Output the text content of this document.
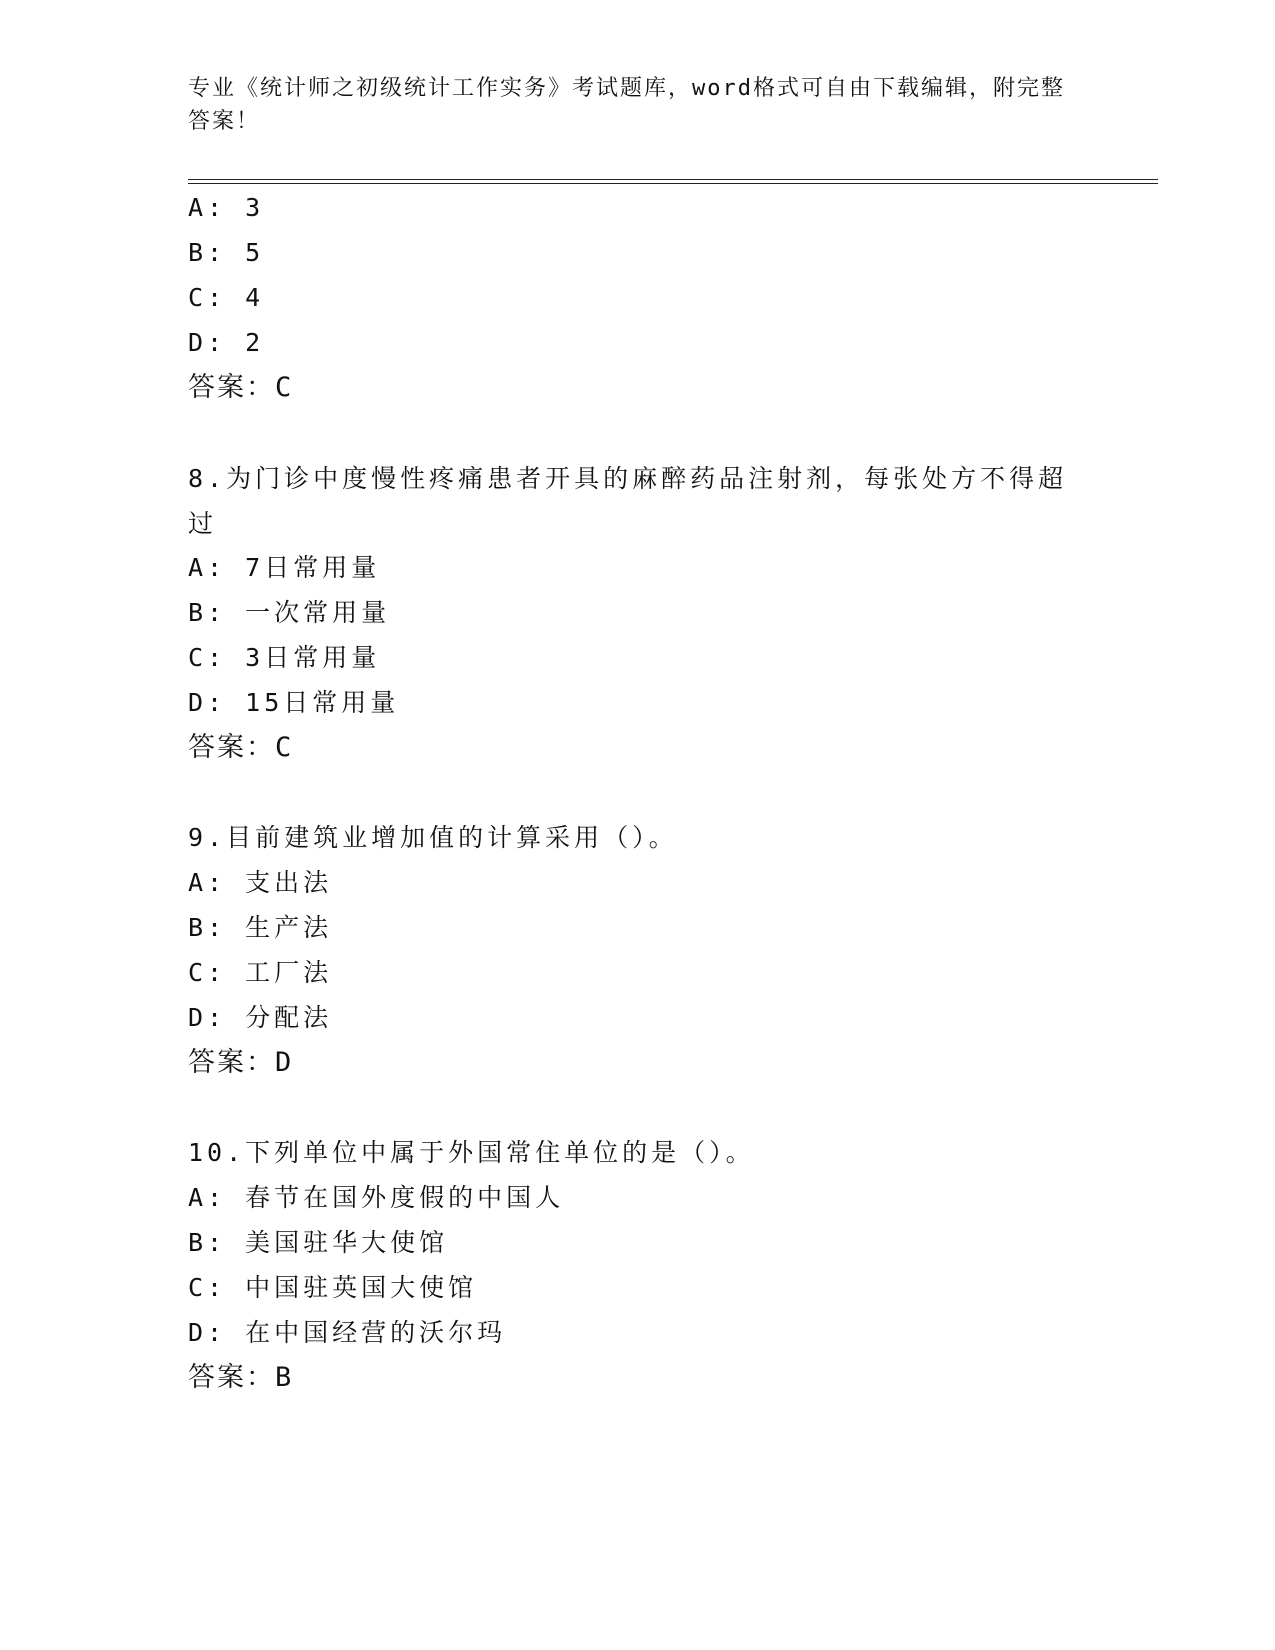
专业《统计师之初级统计工作实务》考试题库，word格式可自由下载编辑，附完整答案！
A: 3
B: 5
C: 4
D: 2
答案：C
8.为门诊中度慢性疼痛患者开具的麻醉药品注射剂，每张处方不得超过
A: 7日常用量
B: 一次常用量
C: 3日常用量
D: 15日常用量
答案：C
9.目前建筑业增加值的计算采用（）。
A: 支出法
B: 生产法
C: 工厂法
D: 分配法
答案：D
10.下列单位中属于外国常住单位的是（）。
A: 春节在国外度假的中国人
B: 美国驻华大使馆
C: 中国驻英国大使馆
D: 在中国经营的沃尔玛
答案：B
